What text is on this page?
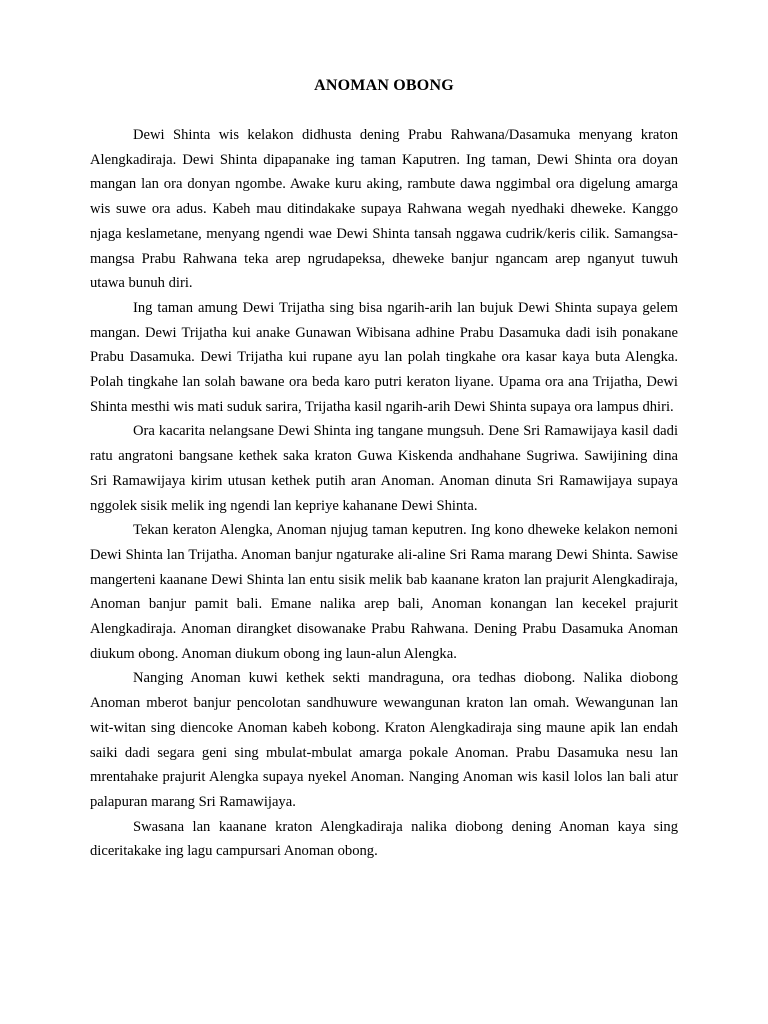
ANOMAN OBONG

Dewi Shinta wis kelakon didhusta dening Prabu Rahwana/Dasamuka menyang kraton Alengkadiraja. Dewi Shinta dipapanake ing taman Kaputren. Ing taman, Dewi Shinta ora doyan mangan lan ora donyan ngombe. Awake kuru aking, rambute dawa nggimbal ora digelung amarga wis suwe ora adus. Kabeh mau ditindakake supaya Rahwana wegah nyedhaki dheweke. Kanggo njaga keslametane, menyang ngendi wae Dewi Shinta tansah nggawa cudrik/keris cilik. Samangsa-mangsa Prabu Rahwana teka arep ngrudapeksa, dheweke banjur ngancam arep nganyut tuwuh utawa bunuh diri.

Ing taman amung Dewi Trijatha sing bisa ngarih-arih lan bujuk Dewi Shinta supaya gelem mangan. Dewi Trijatha kui anake Gunawan Wibisana adhine Prabu Dasamuka dadi isih ponakane Prabu Dasamuka. Dewi Trijatha kui rupane ayu lan polah tingkahe ora kasar kaya buta Alengka. Polah tingkahe lan solah bawane ora beda karo putri keraton liyane. Upama ora ana Trijatha, Dewi Shinta mesthi wis mati suduk sarira, Trijatha kasil ngarih-arih Dewi Shinta supaya ora lampus dhiri.

Ora kacarita nelangsane Dewi Shinta ing tangane mungsuh. Dene Sri Ramawijaya kasil dadi ratu angratoni bangsane kethek saka kraton Guwa Kiskenda andhahane Sugriwa. Sawijining dina Sri Ramawijaya kirim utusan kethek putih aran Anoman. Anoman dinuta Sri Ramawijaya supaya nggolek sisik melik ing ngendi lan kepriye kahanane Dewi Shinta.

Tekan keraton Alengka, Anoman njujug taman keputren. Ing kono dheweke kelakon nemoni Dewi Shinta lan Trijatha. Anoman banjur ngaturake ali-aline Sri Rama marang Dewi Shinta. Sawise mangerteni kaanane Dewi Shinta lan entu sisik melik bab kaanane kraton lan prajurit Alengkadiraja, Anoman banjur pamit bali. Emane nalika arep bali, Anoman konangan lan kecekel prajurit Alengkadiraja. Anoman dirangket disowanake Prabu Rahwana. Dening Prabu Dasamuka Anoman diukum obong. Anoman diukum obong ing laun-alun Alengka.

Nanging Anoman kuwi kethek sekti mandraguna, ora tedhas diobong. Nalika diobong Anoman mberot banjur pencolotan sandhuwure wewangunan kraton lan omah. Wewangunan lan wit-witan sing diencoke Anoman kabeh kobong. Kraton Alengkadiraja sing maune apik lan endah saiki dadi segara geni sing mbulat-mbulat amarga pokale Anoman. Prabu Dasamuka nesu lan mrentahake prajurit Alengka supaya nyekel Anoman. Nanging Anoman wis kasil lolos lan bali atur palapuran marang Sri Ramawijaya.

Swasana lan kaanane kraton Alengkadiraja nalika diobong dening Anoman kaya sing diceritakake ing lagu campursari Anoman obong.
